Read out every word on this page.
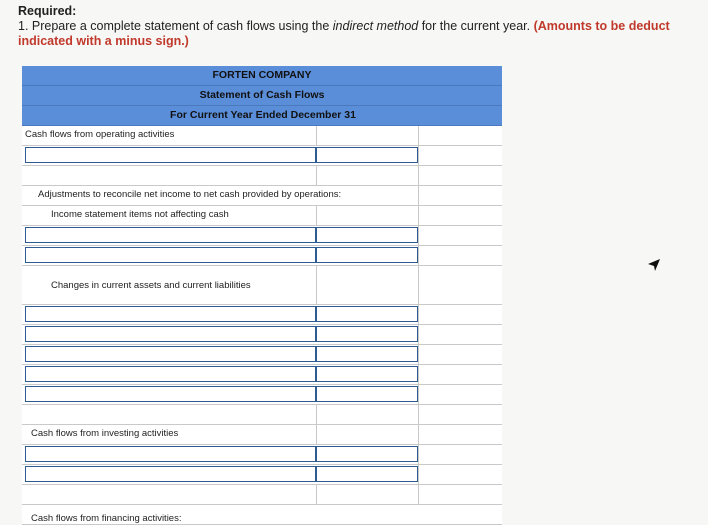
Required:
1. Prepare a complete statement of cash flows using the indirect method for the current year. (Amounts to be deduct
indicated with a minus sign.)
FORTEN COMPANY
Statement of Cash Flows
For Current Year Ended December 31
Cash flows from operating activities
Adjustments to reconcile net income to net cash provided by operations:
Income statement items not affecting cash
Changes in current assets and current liabilities
Cash flows from investing activities
Cash flows from financing activities:
